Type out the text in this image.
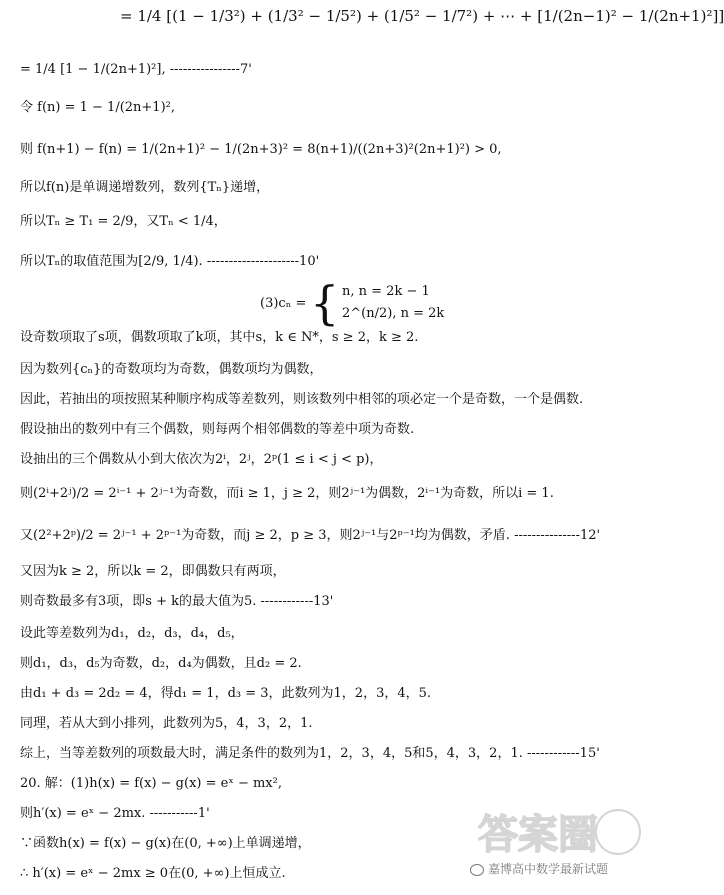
= 1/4 [(1 − 1/3²) + (1/3² − 1/5²) + (1/5² − 1/7²) + ⋯ + [1/(2n−1)² − 1/(2n+1)²]]
= 1/4 [1 − 1/(2n+1)²], ----------------7'
令 f(n) = 1 − 1/(2n+1)²,
则 f(n+1) − f(n) = 1/(2n+1)² − 1/(2n+3)² = 8(n+1)/((2n+3)²(2n+1)²) > 0,
所以f(n)是单调递增数列，数列{Tₙ}递增，
所以Tₙ ≥ T₁ = 2/9，又Tₙ < 1/4，
所以Tₙ的取值范围为[2/9, 1/4). ---------------------10'
(3)cₙ = { n, n = 2k − 1
2^(n/2), n = 2k
设奇数项取了s项，偶数项取了k项，其中s，k ∈ N*，s ≥ 2，k ≥ 2.
因为数列{cₙ}的奇数项均为奇数，偶数项均为偶数，
因此，若抽出的项按照某种顺序构成等差数列，则该数列中相邻的项必定一个是奇数，一个是偶数.
假设抽出的数列中有三个偶数，则每两个相邻偶数的等差中项为奇数.
设抽出的三个偶数从小到大依次为2ⁱ，2ʲ，2ᵖ(1 ≤ i < j < p)，
则(2ⁱ+2ʲ)/2 = 2ⁱ⁻¹ + 2ʲ⁻¹为奇数，而i ≥ 1，j ≥ 2，则2ʲ⁻¹为偶数，2ⁱ⁻¹为奇数，所以i = 1.
又(2²+2ᵖ)/2 = 2ʲ⁻¹ + 2ᵖ⁻¹为奇数，而j ≥ 2，p ≥ 3，则2ʲ⁻¹与2ᵖ⁻¹均为偶数，矛盾. ---------------12'
又因为k ≥ 2，所以k = 2，即偶数只有两项，
则奇数最多有3项，即s + k的最大值为5. ------------13'
设此等差数列为d₁，d₂，d₃，d₄，d₅，
则d₁，d₃，d₅为奇数，d₂，d₄为偶数，且d₂ = 2.
由d₁ + d₃ = 2d₂ = 4，得d₁ = 1，d₃ = 3，此数列为1，2，3，4，5.
同理，若从大到小排列，此数列为5，4，3，2，1.
综上，当等差数列的项数最大时，满足条件的数列为1，2，3，4，5和5，4，3，2，1. ------------15'
20. 解：(1)h(x) = f(x) − g(x) = eˣ − mx²,
则h′(x) = eˣ − 2mx. -----------1'
∵函数h(x) = f(x) − g(x)在(0, +∞)上单调递增，
∴ h′(x) = eˣ − 2mx ≥ 0在(0, +∞)上恒成立.
答案圈
嘉博高中数学最新试题
